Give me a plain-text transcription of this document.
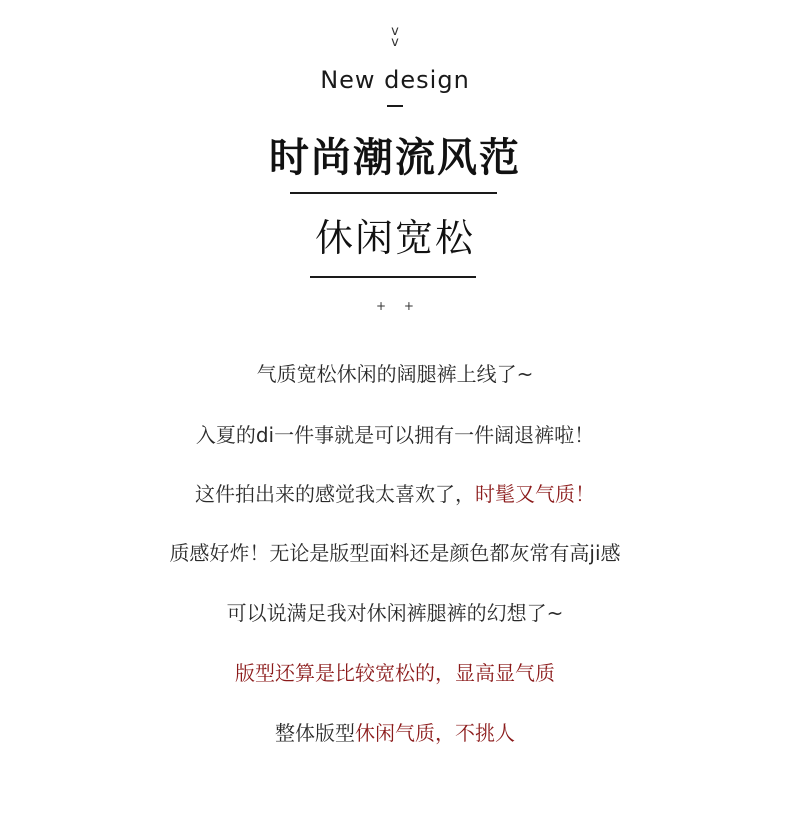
v
v
New design
时尚潮流风范
休闲宽松
+ +
气质宽松休闲的阔腿裤上线了~
入夏的di一件事就是可以拥有一件阔退裤啦！
这件拍出来的感觉我太喜欢了，时髦又气质！
质感好炸！无论是版型面料还是颜色都灰常有高ji感
可以说满足我对休闲裤腿裤的幻想了~
版型还算是比较宽松的，显高显气质
整体版型休闲气质，不挑人
